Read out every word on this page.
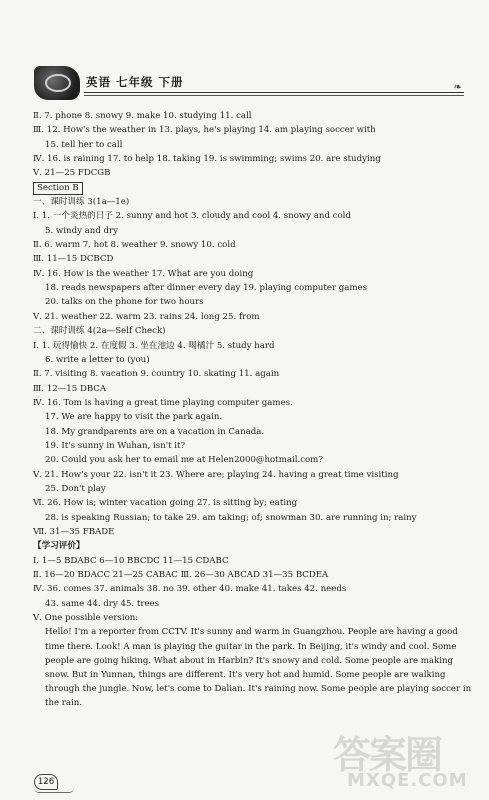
英语 七年级 下册	❧
Ⅱ. 7. phone 8. snowy 9. make 10. studying 11. call
Ⅲ. 12. How's the weather in 13. plays, he's playing 14. am playing soccer with
15. tell her to call
Ⅳ. 16. is raining 17. to help 18. taking 19. is swimming; swims 20. are studying
Ⅴ. 21—25 FDCGB
Section B
一、课时训练 3(1a—1e)
Ⅰ. 1. 一个炎热的日子 2. sunny and hot 3. cloudy and cool 4. snowy and cold
5. windy and dry
Ⅱ. 6. warm 7. hot 8. weather 9. snowy 10. cold
Ⅲ. 11—15 DCBCD
Ⅳ. 16. How is the weather 17. What are you doing
18. reads newspapers after dinner every day 19. playing computer games
20. talks on the phone for two hours
Ⅴ. 21. weather 22. warm 23. rains 24. long 25. from
二、课时训练 4(2a—Self Check)
Ⅰ. 1. 玩得愉快 2. 在度假 3. 坐在池边 4. 喝橘汁 5. study hard
6. write a letter to (you)
Ⅱ. 7. visiting 8. vacation 9. country 10. skating 11. again
Ⅲ. 12—15 DBCA
Ⅳ. 16. Tom is having a great time playing computer games.
17. We are happy to visit the park again.
18. My grandparents are on a vacation in Canada.
19. It's sunny in Wuhan, isn't it?
20. Could you ask her to email me at Helen2000@hotmail.com?
Ⅴ. 21. How's your 22. isn't it 23. Where are; playing 24. having a great time visiting
25. Don't play
Ⅵ. 26. How is; winter vacation going 27. is sitting by; eating
28. is speaking Russian; to take 29. am taking; of; snowman 30. are running in; rainy
Ⅶ. 31—35 FBADE
【学习评价】
Ⅰ. 1—5 BDABC 6—10 BBCDC 11—15 CDABC
Ⅱ. 16—20 BDACC 21—25 CABAC Ⅲ. 26—30 ABCAD 31—35 BCDEA
Ⅳ. 36. comes 37. animals 38. no 39. other 40. make 41. takes 42. needs
43. same 44. dry 45. trees
Ⅴ. One possible version:
Hello! I'm a reporter from CCTV. It's sunny and warm in Guangzhou. People are having a good time there. Look! A man is playing the guitar in the park. In Beijing, it's windy and cool. Some people are going hiking. What about in Harbin? It's snowy and cold. Some people are making snow. But in Yunnan, things are different. It's very hot and humid. Some people are walking through the jungle. Now, let's come to Dalian. It's raining now. Some people are playing soccer in the rain.
126
答案圈
MXQE.COM
